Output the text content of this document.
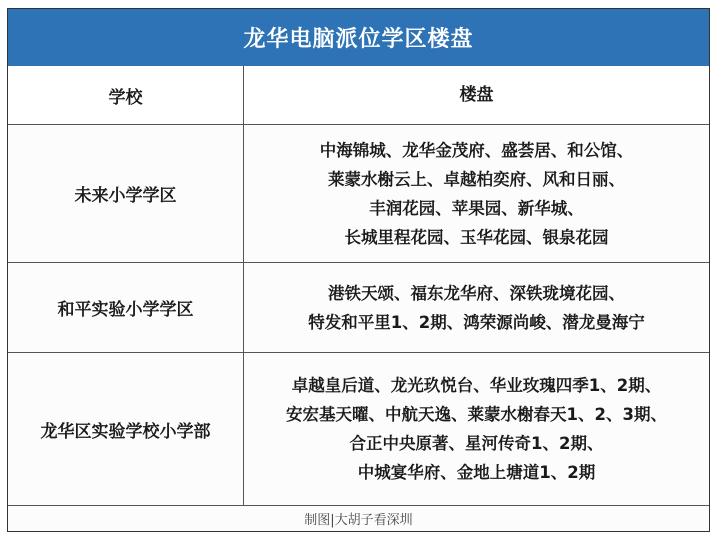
龙华电脑派位学区楼盘
学校	楼盘
未来小学学区
中海锦城、龙华金茂府、盛荟居、和公馆、
莱蒙水榭云上、卓越柏奕府、风和日丽、
丰润花园、苹果园、新华城、
长城里程花园、玉华花园、银泉花园
和平实验小学学区
港铁天颂、福东龙华府、深铁珑境花园、
特发和平里1、2期、鸿荣源尚峻、潜龙曼海宁
龙华区实验学校小学部
卓越皇后道、龙光玖悦台、华业玫瑰四季1、2期、
安宏基天曜、中航天逸、莱蒙水榭春天1、2、3期、
合正中央原著、星河传奇1、2期、
中城宴华府、金地上塘道1、2期
制图|大胡子看深圳
